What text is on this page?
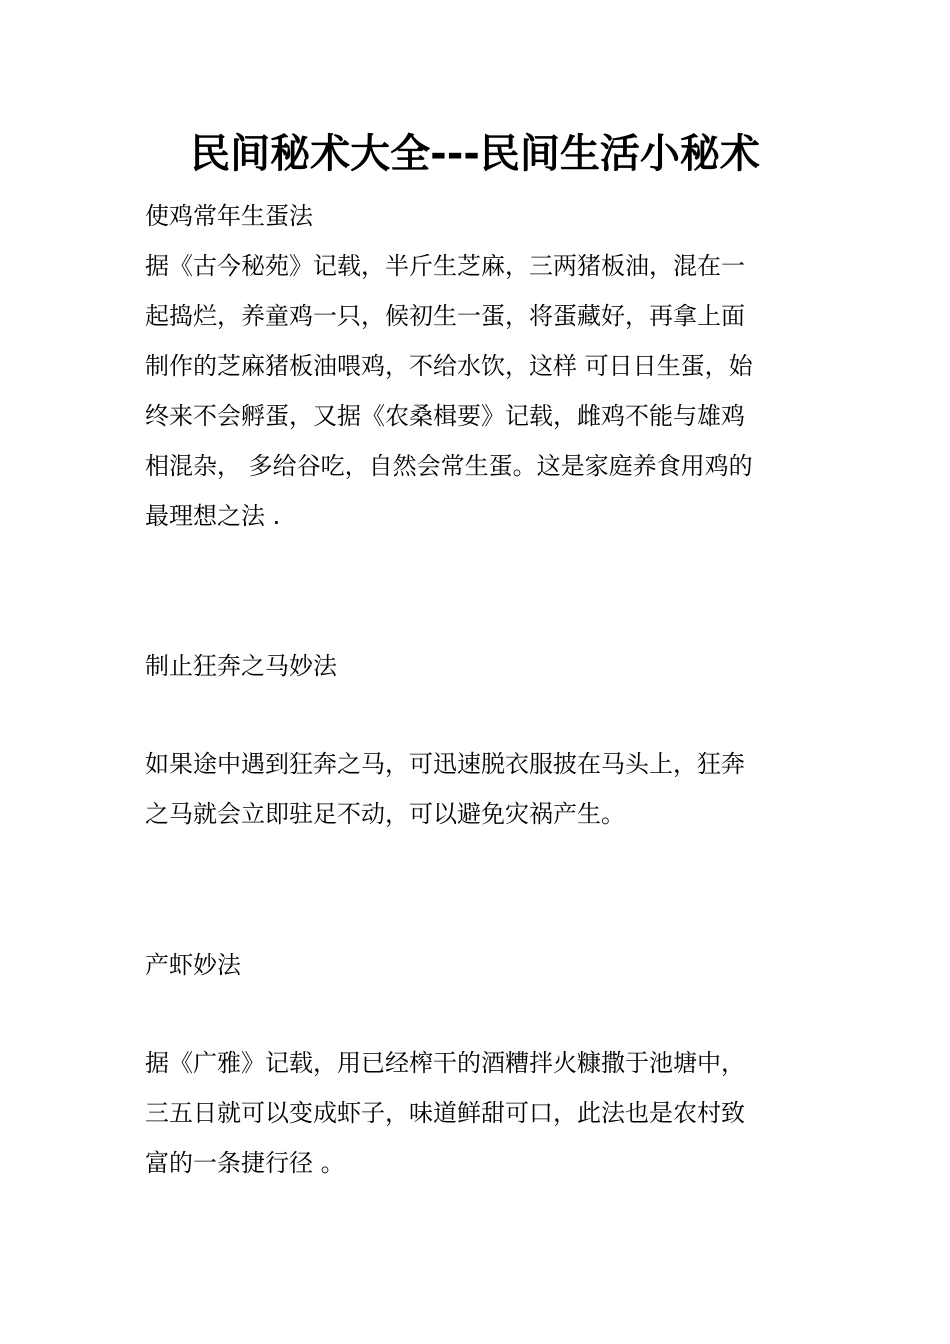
民间秘术大全---民间生活小秘术
使鸡常年生蛋法
据《古今秘苑》记载，半斤生芝麻，三两猪板油，混在一
起捣烂，养童鸡一只，候初生一蛋，将蛋藏好，再拿上面
制作的芝麻猪板油喂鸡，不给水饮，这样 可日日生蛋，始
终来不会孵蛋，又据《农桑楫要》记载，雌鸡不能与雄鸡
相混杂， 多给谷吃，自然会常生蛋。这是家庭养食用鸡的
最理想之法 .
制止狂奔之马妙法
如果途中遇到狂奔之马，可迅速脱衣服披在马头上，狂奔
之马就会立即驻足不动，可以避免灾祸产生。
产虾妙法
据《广雅》记载，用已经榨干的酒糟拌火糠撒于池塘中，
三五日就可以变成虾子，味道鲜甜可口，此法也是农村致
富的一条捷行径 。
